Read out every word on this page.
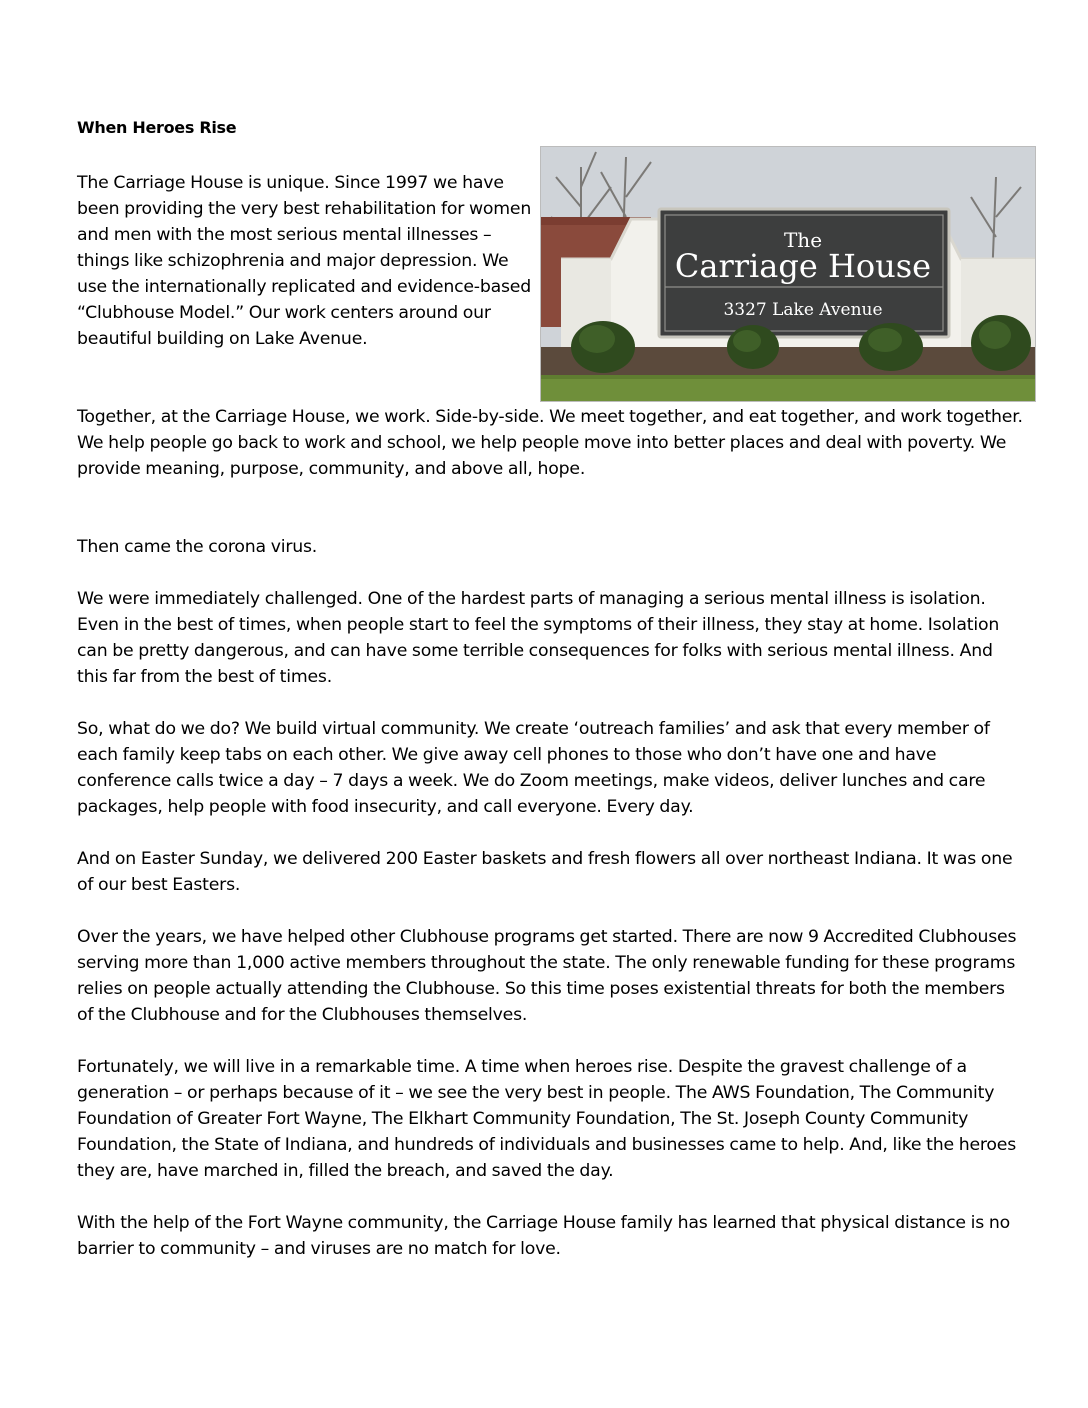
When Heroes Rise

The Carriage House is unique. Since 1997 we have been providing the very best rehabilitation for women and men with the most serious mental illnesses – things like schizophrenia and major depression. We use the internationally replicated and evidence-based “Clubhouse Model.” Our work centers around our beautiful building on Lake Avenue.

The
Carriage House
3327 Lake Avenue

Together, at the Carriage House, we work. Side-by-side. We meet together, and eat together, and work together. We help people go back to work and school, we help people move into better places and deal with poverty. We provide meaning, purpose, community, and above all, hope.

Then came the corona virus.

We were immediately challenged. One of the hardest parts of managing a serious mental illness is isolation. Even in the best of times, when people start to feel the symptoms of their illness, they stay at home. Isolation can be pretty dangerous, and can have some terrible consequences for folks with serious mental illness. And this far from the best of times.

So, what do we do? We build virtual community. We create ‘outreach families’ and ask that every member of each family keep tabs on each other. We give away cell phones to those who don’t have one and have conference calls twice a day – 7 days a week. We do Zoom meetings, make videos, deliver lunches and care packages, help people with food insecurity, and call everyone. Every day.

And on Easter Sunday, we delivered 200 Easter baskets and fresh flowers all over northeast Indiana. It was one of our best Easters.

Over the years, we have helped other Clubhouse programs get started. There are now 9 Accredited Clubhouses serving more than 1,000 active members throughout the state. The only renewable funding for these programs relies on people actually attending the Clubhouse. So this time poses existential threats for both the members of the Clubhouse and for the Clubhouses themselves.

Fortunately, we will live in a remarkable time. A time when heroes rise. Despite the gravest challenge of a generation – or perhaps because of it – we see the very best in people. The AWS Foundation, The Community Foundation of Greater Fort Wayne, The Elkhart Community Foundation, The St. Joseph County Community Foundation, the State of Indiana, and hundreds of individuals and businesses came to help. And, like the heroes they are, have marched in, filled the breach, and saved the day.

With the help of the Fort Wayne community, the Carriage House family has learned that physical distance is no barrier to community – and viruses are no match for love.
